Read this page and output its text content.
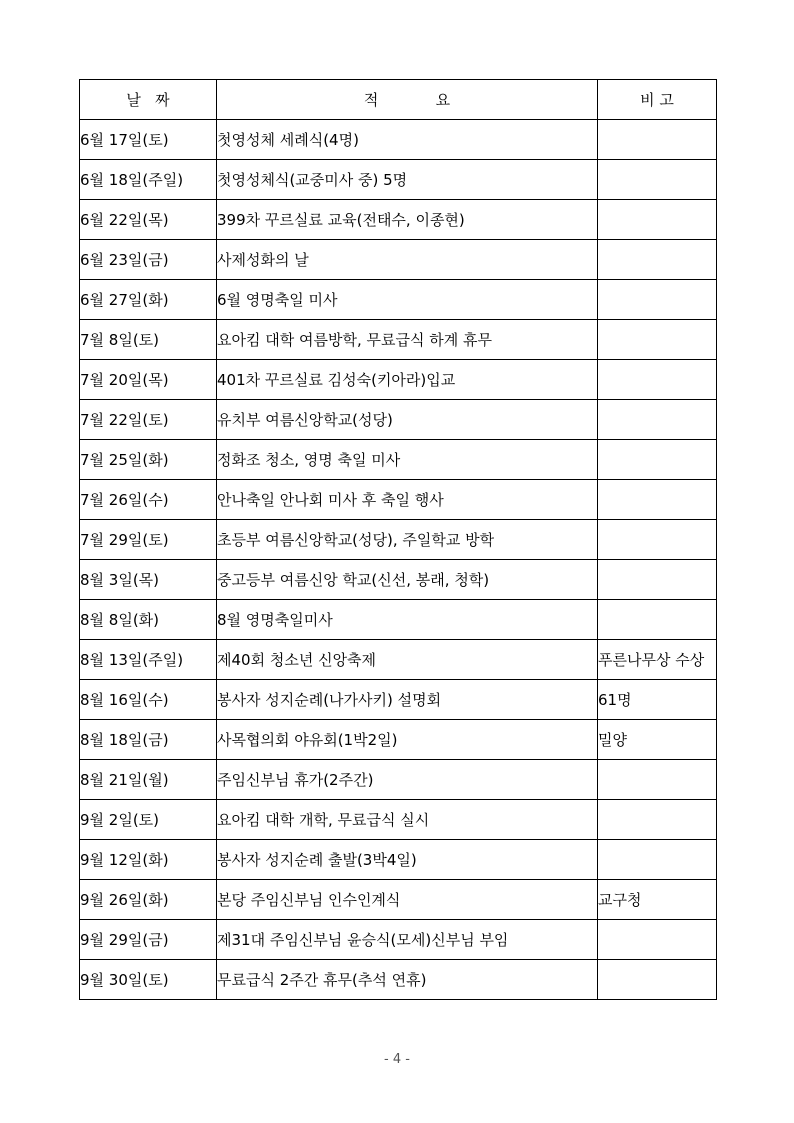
날   짜	적            요	비 고
6월 17일(토)	첫영성체 세례식(4명)	
6월 18일(주일)	첫영성체식(교중미사 중) 5명	
6월 22일(목)	399차 꾸르실료 교육(전태수, 이종현)	
6월 23일(금)	사제성화의 날	
6월 27일(화)	6월 영명축일 미사	
7월 8일(토)	요아킴 대학 여름방학, 무료급식 하계 휴무	
7월 20일(목)	401차 꾸르실료 김성숙(키아라)입교	
7월 22일(토)	유치부 여름신앙학교(성당)	
7월 25일(화)	정화조 청소, 영명 축일 미사	
7월 26일(수)	안나축일 안나회 미사 후 축일 행사	
7월 29일(토)	초등부 여름신앙학교(성당), 주일학교 방학	
8월 3일(목)	중고등부 여름신앙 학교(신선, 봉래, 청학)	
8월 8일(화)	8월 영명축일미사	
8월 13일(주일)	제40회 청소년 신앙축제	푸른나무상 수상
8월 16일(수)	봉사자 성지순례(나가사키) 설명회	61명
8월 18일(금)	사목협의회 야유회(1박2일)	밀양
8월 21일(월)	주임신부님 휴가(2주간)	
9월 2일(토)	요아킴 대학 개학, 무료급식 실시	
9월 12일(화)	봉사자 성지순례 출발(3박4일)	
9월 26일(화)	본당 주임신부님 인수인계식	교구청
9월 29일(금)	제31대 주임신부님 윤승식(모세)신부님 부임	
9월 30일(토)	무료급식 2주간 휴무(추석 연휴)	
- 4 -
